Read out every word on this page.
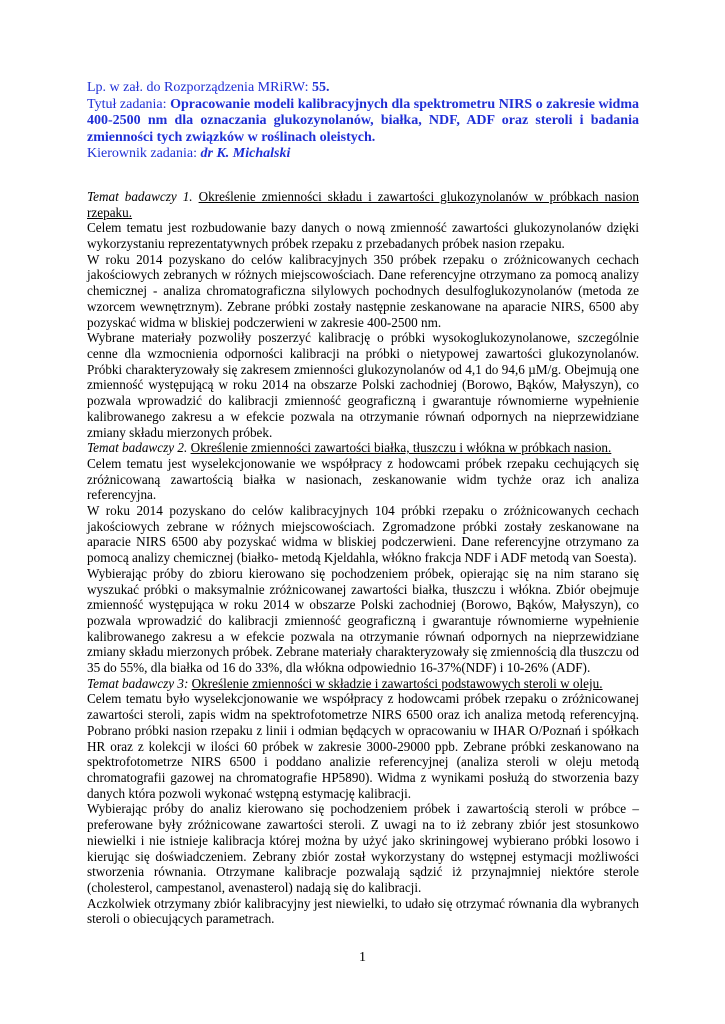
Lp. w zał. do Rozporządzenia MRiRW: 55.
Tytuł zadania: Opracowanie modeli kalibracyjnych dla spektrometru NIRS o zakresie widma 400-2500 nm dla oznaczania glukozynolanów, białka, NDF, ADF oraz steroli i badania zmienności tych związków w roślinach oleistych.
Kierownik zadania: dr K. Michalski

Temat badawczy 1. Określenie zmienności składu i zawartości glukozynolanów w próbkach nasion rzepaku.

Celem tematu jest rozbudowanie bazy danych o nową zmienność zawartości glukozynolanów dzięki wykorzystaniu reprezentatywnych próbek rzepaku z przebadanych próbek nasion rzepaku.

W roku 2014 pozyskano do celów kalibracyjnych 350 próbek rzepaku o zróżnicowanych cechach jakościowych zebranych w różnych miejscowościach. Dane referencyjne otrzymano za pomocą analizy chemicznej - analiza chromatograficzna silylowych pochodnych desulfoglukozynolanów (metoda ze wzorcem wewnętrznym). Zebrane próbki zostały następnie zeskanowane na aparacie NIRS, 6500 aby pozyskać widma w bliskiej podczerwieni w zakresie 400-2500 nm.

Wybrane materiały pozwoliły poszerzyć kalibrację o próbki wysokoglukozynolanowe, szczególnie cenne dla wzmocnienia odporności kalibracji na próbki o nietypowej zawartości glukozynolanów. Próbki charakteryzowały się zakresem zmienności glukozynolanów od 4,1 do 94,6 µM/g. Obejmują one zmienność występującą w roku 2014 na obszarze Polski zachodniej (Borowo, Bąków, Małyszyn), co pozwala wprowadzić do kalibracji zmienność geograficzną i gwarantuje równomierne wypełnienie kalibrowanego zakresu a w efekcie pozwala na otrzymanie równań odpornych na nieprzewidziane zmiany składu mierzonych próbek.

Temat badawczy 2. Określenie zmienności zawartości białka, tłuszczu i włókna w próbkach nasion.

Celem tematu jest wyselekcjonowanie we współpracy z hodowcami próbek rzepaku cechujących się zróżnicowaną zawartością białka w nasionach, zeskanowanie widm tychże oraz ich analiza referencyjna.

W roku 2014 pozyskano do celów kalibracyjnych 104 próbki rzepaku o zróżnicowanych cechach jakościowych zebrane w różnych miejscowościach. Zgromadzone próbki zostały zeskanowane na aparacie NIRS 6500 aby pozyskać widma w bliskiej podczerwieni. Dane referencyjne otrzymano za pomocą analizy chemicznej (białko- metodą Kjeldahla, włókno frakcja NDF i ADF metodą van Soesta).

Wybierając próby do zbioru kierowano się pochodzeniem próbek, opierając się na nim starano się wyszukać próbki o maksymalnie zróżnicowanej zawartości białka, tłuszczu i włókna. Zbiór obejmuje zmienność występująca w roku 2014 w obszarze Polski zachodniej (Borowo, Bąków, Małyszyn), co pozwala wprowadzić do kalibracji zmienność geograficzną i gwarantuje równomierne wypełnienie kalibrowanego zakresu a w efekcie pozwala na otrzymanie równań odpornych na nieprzewidziane zmiany składu mierzonych próbek. Zebrane materiały charakteryzowały się zmiennością dla tłuszczu od 35 do 55%, dla białka od 16 do 33%, dla włókna odpowiednio 16-37%(NDF) i 10-26% (ADF).

Temat badawczy 3: Określenie zmienności w składzie i zawartości podstawowych steroli w oleju.

Celem tematu było wyselekcjonowanie we współpracy z hodowcami próbek rzepaku o zróżnicowanej zawartości steroli, zapis widm na spektrofotometrze NIRS 6500 oraz ich analiza metodą referencyjną. Pobrano próbki nasion rzepaku z linii i odmian będących w opracowaniu w IHAR O/Poznań i spółkach HR oraz z kolekcji w ilości 60 próbek w zakresie 3000-29000 ppb. Zebrane próbki zeskanowano na spektrofotometrze NIRS 6500 i poddano analizie referencyjnej (analiza steroli w oleju metodą chromatografii gazowej na chromatografie HP5890). Widma z wynikami posłużą do stworzenia bazy danych która pozwoli wykonać wstępną estymację kalibracji.

Wybierając próby do analiz kierowano się pochodzeniem próbek i zawartością steroli w próbce – preferowane były zróżnicowane zawartości steroli. Z uwagi na to iż zebrany zbiór jest stosunkowo niewielki i nie istnieje kalibracja której można by użyć jako skriningowej wybierano próbki losowo i kierując się doświadczeniem. Zebrany zbiór został wykorzystany do wstępnej estymacji możliwości stworzenia równania. Otrzymane kalibracje pozwalają sądzić iż przynajmniej niektóre sterole (cholesterol, campestanol, avenasterol) nadają się do kalibracji.

Aczkolwiek otrzymany zbiór kalibracyjny jest niewielki, to udało się otrzymać równania dla wybranych steroli o obiecujących parametrach.

1
